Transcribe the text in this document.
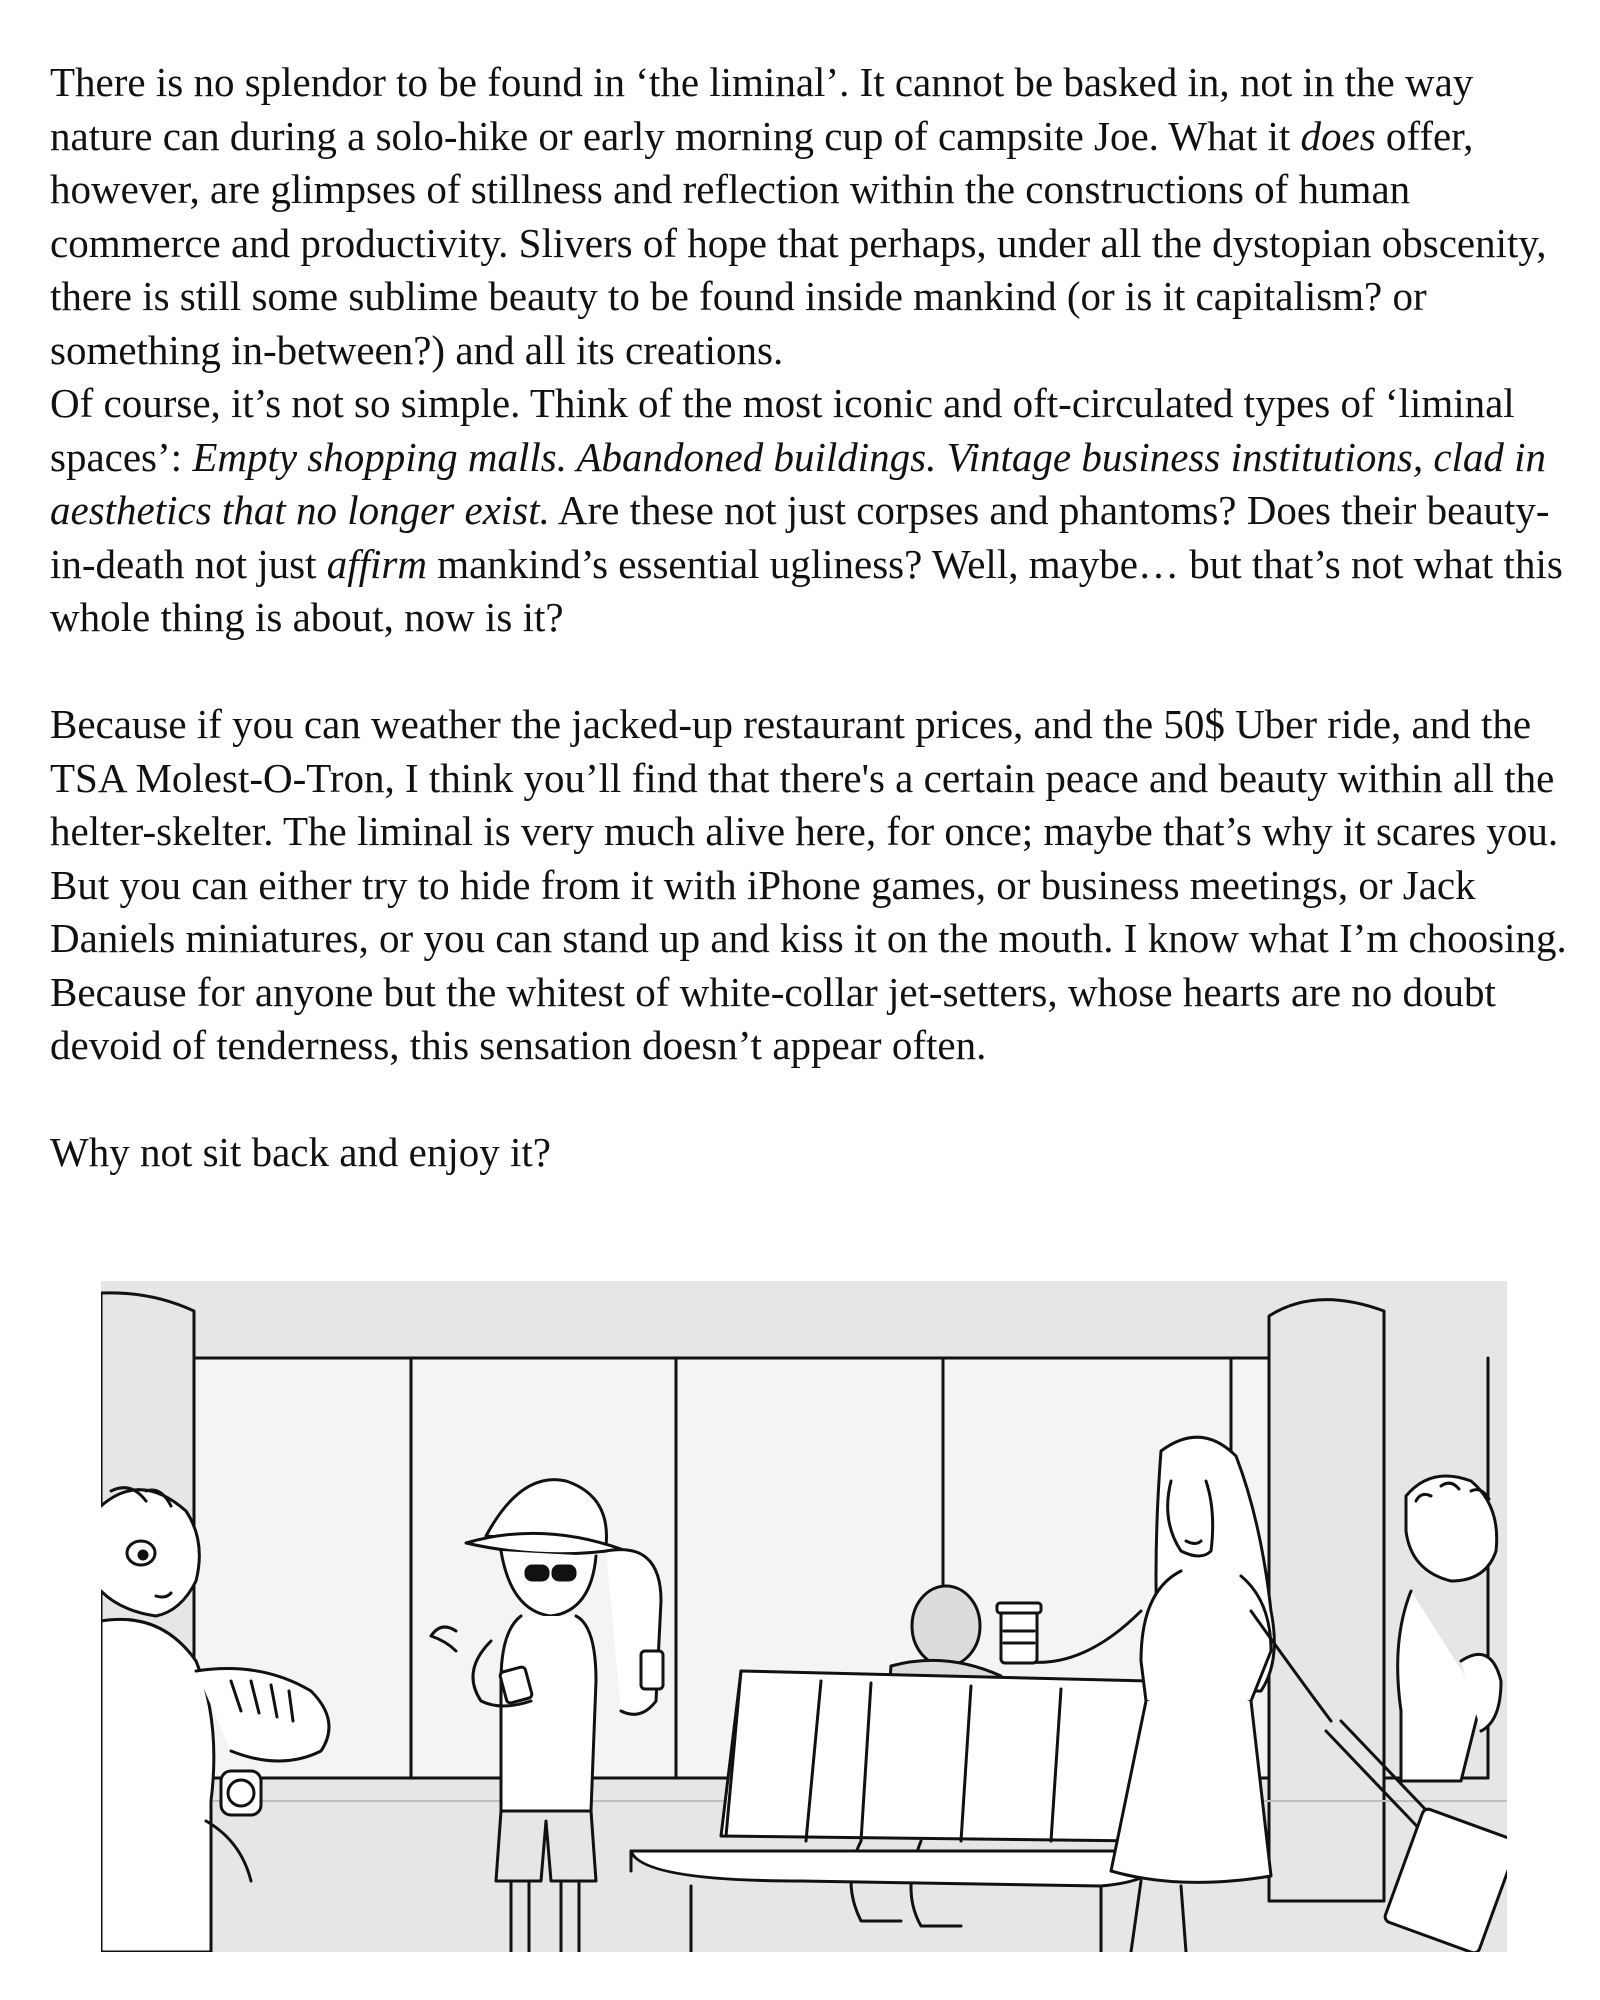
There is no splendor to be found in ‘the liminal’. It cannot be basked in, not in the way nature can during a solo-hike or early morning cup of campsite Joe. What it does offer, however, are glimpses of stillness and reflection within the constructions of human commerce and productivity. Slivers of hope that perhaps, under all the dystopian obscenity, there is still some sublime beauty to be found inside mankind (or is it capitalism? or something in-between?) and all its creations.

Of course, it’s not so simple. Think of the most iconic and oft-circulated types of ‘liminal spaces’: Empty shopping malls. Abandoned buildings. Vintage business institutions, clad in aesthetics that no longer exist. Are these not just corpses and phantoms? Does their beauty-in-death not just affirm mankind’s essential ugliness? Well, maybe… but that’s not what this whole thing is about, now is it?

Because if you can weather the jacked-up restaurant prices, and the 50$ Uber ride, and the TSA Molest-O-Tron, I think you’ll find that there's a certain peace and beauty within all the helter-skelter. The liminal is very much alive here, for once; maybe that’s why it scares you. But you can either try to hide from it with iPhone games, or business meetings, or Jack Daniels miniatures, or you can stand up and kiss it on the mouth. I know what I’m choosing. Because for anyone but the whitest of white-collar jet-setters, whose hearts are no doubt devoid of tenderness, this sensation doesn’t appear often.

Why not sit back and enjoy it?
